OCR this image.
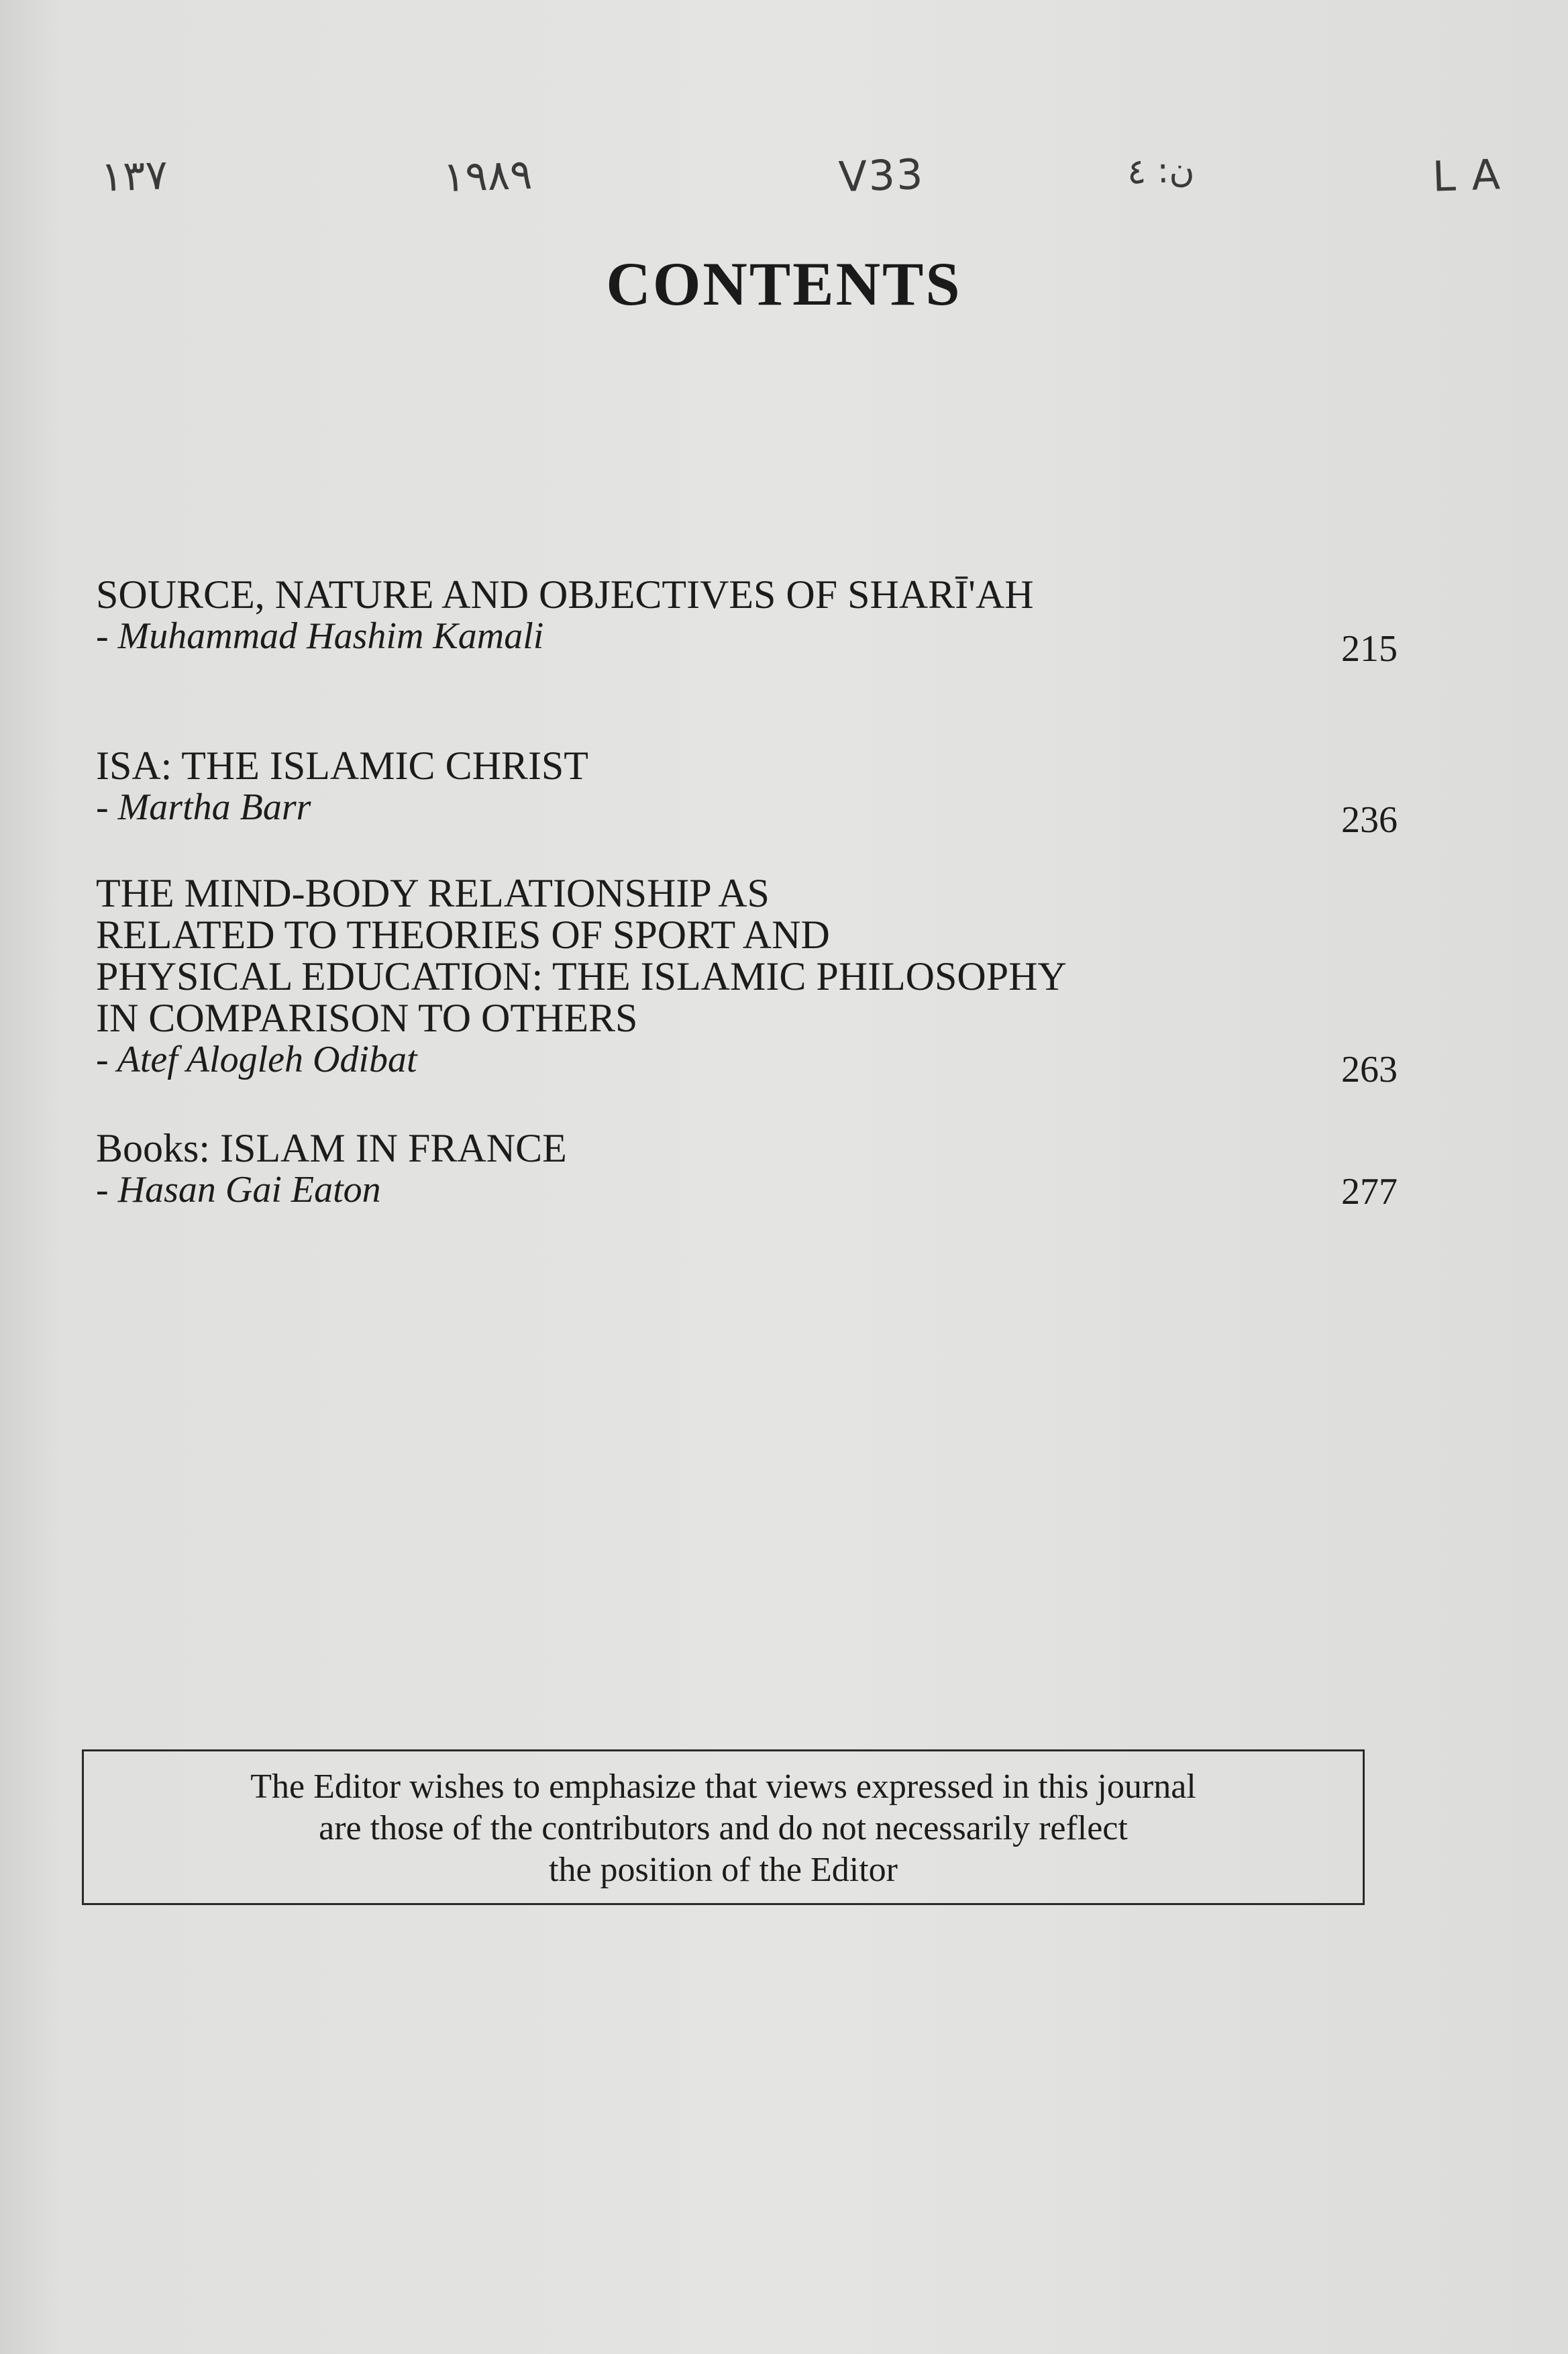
١٣٧	١٩٨٩	V33	ن: ٤	L A
CONTENTS
SOURCE, NATURE AND OBJECTIVES OF SHARĪ'AH
- Muhammad Hashim Kamali	215
ISA: THE ISLAMIC CHRIST
- Martha Barr	236
THE MIND-BODY RELATIONSHIP AS
RELATED TO THEORIES OF SPORT AND
PHYSICAL EDUCATION: THE ISLAMIC PHILOSOPHY
IN COMPARISON TO OTHERS
- Atef Alogleh Odibat	263
Books: ISLAM IN FRANCE
- Hasan Gai Eaton	277
The Editor wishes to emphasize that views expressed in this journal
are those of the contributors and do not necessarily reflect
the position of the Editor
